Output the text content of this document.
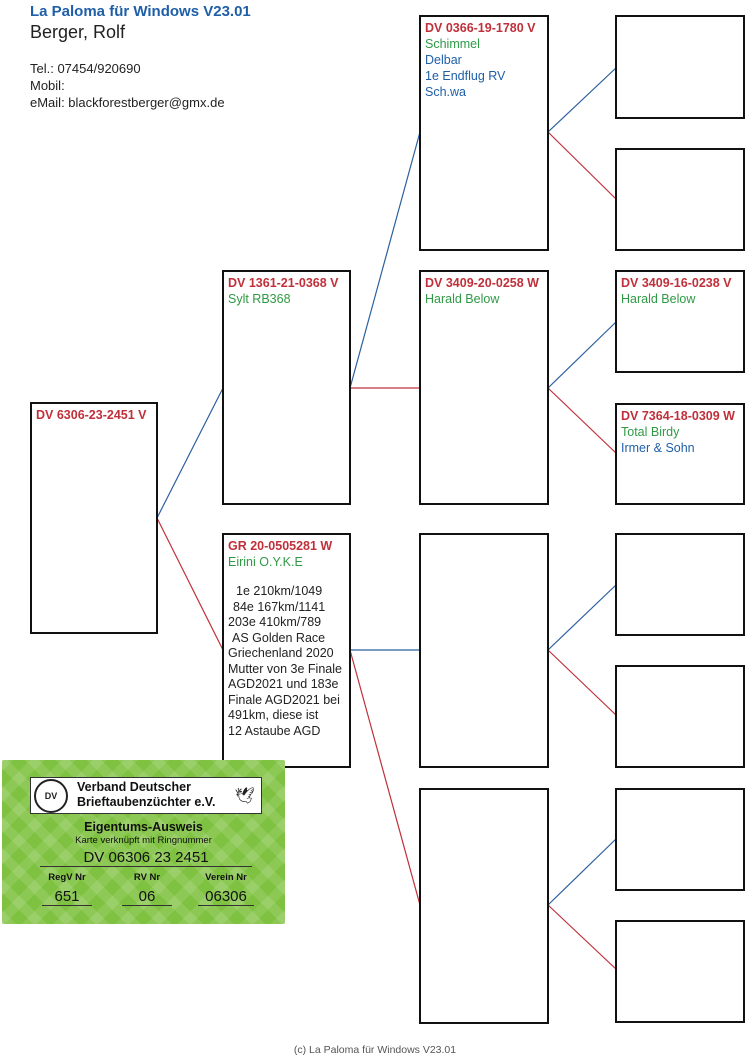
La Paloma für Windows V23.01
Berger, Rolf
Tel.: 07454/920690
Mobil:
eMail: blackforestberger@gmx.de
DV 6306-23-2451 V
DV 1361-21-0368 V
Sylt RB368
GR 20-0505281 W
Eirini O.Y.K.E
1e 210km/1049
84e 167km/1141
203e 410km/789
AS Golden Race
Griechenland 2020
Mutter von 3e Finale
AGD2021 und 183e
Finale AGD2021 bei
491km, diese ist
12 Astaube AGD
DV 0366-19-1780 V
Schimmel
Delbar
1e Endflug RV
Sch.wa
DV 3409-20-0258 W
Harald Below
DV 3409-16-0238 V
Harald Below
DV 7364-18-0309 W
Total Birdy
Irmer & Sohn
DV
Verband Deutscher
Brieftaubenzüchter e.V. 🕊
Eigentums-Ausweis
Karte verknüpft mit Ringnummer
DV 06306 23 2451
RegV Nr	RV Nr	Verein Nr
651	06	06306
(c) La Paloma für Windows V23.01
